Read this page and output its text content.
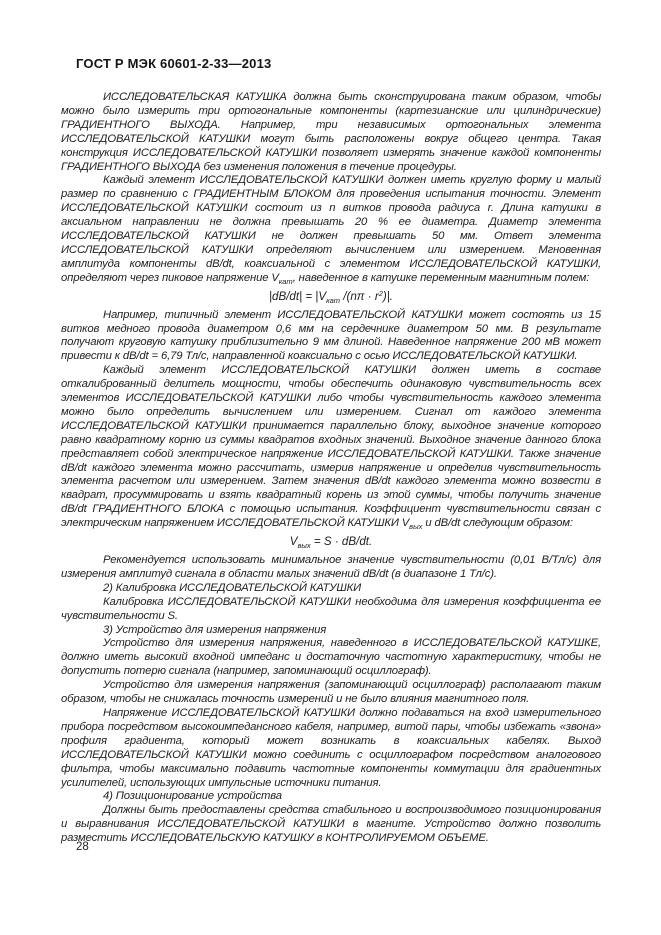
ГОСТ Р МЭК 60601-2-33—2013

ИССЛЕДОВАТЕЛЬСКАЯ КАТУШКА должна быть сконструирована таким образом, чтобы можно было измерить три ортогональные компоненты (картезианские или цилиндрические) ГРАДИЕНТНОГО ВЫХОДА. Например, три независимых ортогональных элемента ИССЛЕДОВАТЕЛЬСКОЙ КАТУШКИ могут быть расположены вокруг общего центра. Такая конструкция ИССЛЕДОВАТЕЛЬСКОЙ КАТУШКИ позволяет измерять значение каждой компоненты ГРАДИЕНТНОГО ВЫХОДА без изменения положения в течение процедуры.

Каждый элемент ИССЛЕДОВАТЕЛЬСКОЙ КАТУШКИ должен иметь круглую форму и малый размер по сравнению с ГРАДИЕНТНЫМ БЛОКОМ для проведения испытания точности. Элемент ИССЛЕДОВАТЕЛЬСКОЙ КАТУШКИ состоит из n витков провода радиуса r. Длина катушки в аксиальном направлении не должна превышать 20 % ее диаметра. Диаметр элемента ИССЛЕДОВАТЕЛЬСКОЙ КАТУШКИ не должен превышать 50 мм. Ответ элемента ИССЛЕДОВАТЕЛЬСКОЙ КАТУШКИ определяют вычислением или измерением. Мгновенная амплитуда компоненты dB/dt, коаксиальной с элементом ИССЛЕДОВАТЕЛЬСКОЙ КАТУШКИ, определяют через пиковое напряжение $V_{кат}$, наведенное в катушке переменным магнитным полем:

$|dB/dt| = |V_{кат}$ $/(n\pi \cdot r^2)|$.

Например, типичный элемент ИССЛЕДОВАТЕЛЬСКОЙ КАТУШКИ может состоять из 15 витков медного провода диаметром 0,6 мм на сердечнике диаметром 50 мм. В результате получают круговую катушку приблизительно 9 мм длиной. Наведенное напряжение 200 мВ может привести к dB/dt = 6,79 Тл/с, направленной коаксиально с осью ИССЛЕДОВАТЕЛЬСКОЙ КАТУШКИ.

Каждый элемент ИССЛЕДОВАТЕЛЬСКОЙ КАТУШКИ должен иметь в составе откалиброванный делитель мощности, чтобы обеспечить одинаковую чувствительность всех элементов ИССЛЕДОВАТЕЛЬСКОЙ КАТУШКИ либо чтобы чувствительность каждого элемента можно было определить вычислением или измерением. Сигнал от каждого элемента ИССЛЕДОВАТЕЛЬСКОЙ КАТУШКИ принимается параллельно блоку, выходное значение которого равно квадратному корню из суммы квадратов входных значений. Выходное значение данного блока представляет собой электрическое напряжение ИССЛЕДОВАТЕЛЬСКОЙ КАТУШКИ. Также значение dB/dt каждого элемента можно рассчитать, измерив напряжение и определив чувствительность элемента расчетом или измерением. Затем значения dB/dt каждого элемента можно возвести в квадрат, просуммировать и взять квадратный корень из этой суммы, чтобы получить значение dB/dt ГРАДИЕНТНОГО БЛОКА с помощью испытания. Коэффициент чувствительности связан с электрическим напряжением ИССЛЕДОВАТЕЛЬСКОЙ КАТУШКИ $V_{вых}$ и dB/dt следующим образом:

$V_{вых} = S \cdot dB/dt$.

Рекомендуется использовать минимальное значение чувствительности (0,01 В/Тл/с) для измерения амплитуд сигнала в области малых значений dB/dt (в диапазоне 1 Тл/с).

2) Калибровка ИССЛЕДОВАТЕЛЬСКОЙ КАТУШКИ

Калибровка ИССЛЕДОВАТЕЛЬСКОЙ КАТУШКИ необходима для измерения коэффициента ее чувствительности S.

3) Устройство для измерения напряжения

Устройство для измерения напряжения, наведенного в ИССЛЕДОВАТЕЛЬСКОЙ КАТУШКЕ, должно иметь высокий входной импеданс и достаточную частотную характеристику, чтобы не допустить потерю сигнала (например, запоминающий осциллограф).

Устройство для измерения напряжения (запоминающий осциллограф) располагают таким образом, чтобы не снижалась точность измерений и не было влияния магнитного поля.

Напряжение ИССЛЕДОВАТЕЛЬСКОЙ КАТУШКИ должно подаваться на вход измерительного прибора посредством высокоимпедансного кабеля, например, витой пары, чтобы избежать «звона» профиля градиента, который может возникать в коаксиальных кабелях. Выход ИССЛЕДОВАТЕЛЬСКОЙ КАТУШКИ можно соединить с осциллографом посредством аналогового фильтра, чтобы максимально подавить частотные компоненты коммутации для градиентных усилителей, использующих импульсные источники питания.

4) Позиционирование устройства

Должны быть предоставлены средства стабильного и воспроизводимого позиционирования и выравнивания ИССЛЕДОВАТЕЛЬСКОЙ КАТУШКИ в магните. Устройство должно позволить разместить ИССЛЕДОВАТЕЛЬСКУЮ КАТУШКУ в КОНТРОЛИРУЕМОМ ОБЪЕМЕ.

28
